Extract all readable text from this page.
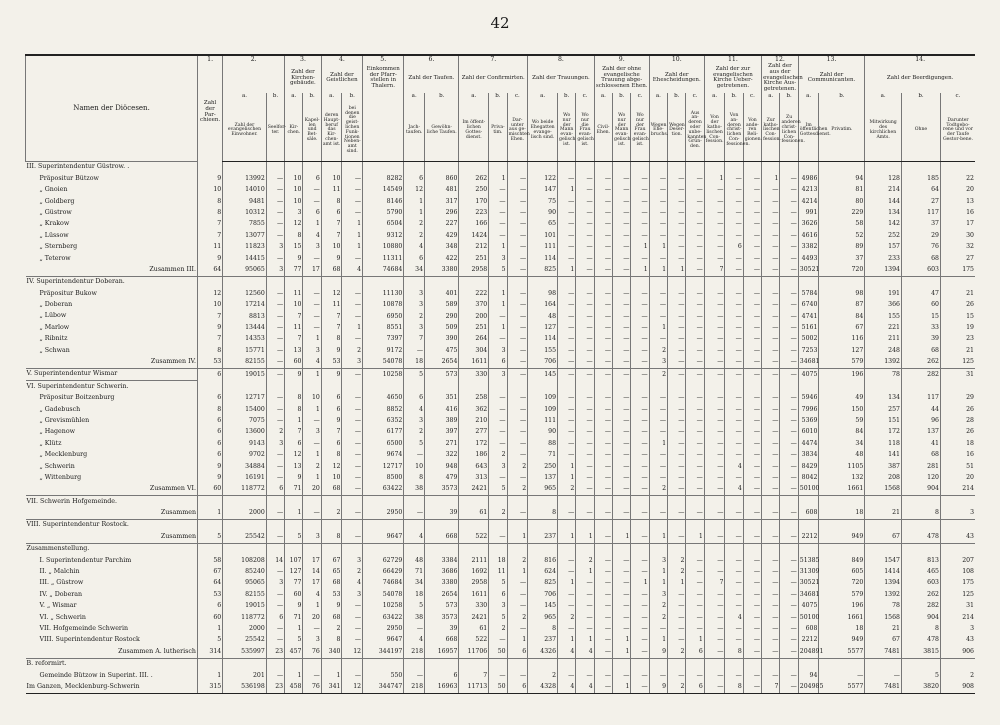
42
Namen der Diöcesen.	1.	2.		3.		4.		5.	6.		7.			8.			9.			10.			11.			12.		13.		14.		
	Zahl der Par-chieen.			Zahl der Kirchen-gebäude.		Zahl der Geistlichen		Einkommen der Pfarr-stellen in Thalern.	Zahl der Taufen.		Zahl der Confirmirten.			Zahl der Trauungen.			Zahl der ohne evangelische Trauung abge-schlossenen Ehen.			Zahl der Ehescheidungen.			Zahl der zur evangelischen Kirche Ueber-getretenen.			Zahl der aus der evangelischen Kirche Aus-getretenen.		Zahl der Communicanten.		Zahl der Beerdigungen.		
		a.	b.	a.	b.	a.	b.		a.	b.	a.	b.	c.	a.	b.	c.	a.	b.	c.	a.	b.	c.	a.	b.	c.	a.	b.	a.	b.	a.	b.	c.
		Zahl der evangelischen Einwohner.	Seelfor-ter.	Kir-chen.	Kapel-len und Bet-säle.	deren Haupt-beruf das Kir-chen-amt ist.	bei denen die geist-lichen Funk-tionen Neben-amt sind.		Jach-taufen.	Gewöhn-liche Taufen.	Im öffent-lichen Gottes-dienst.	Priva-tim.	Dar-unter aus ge-mischten Ehen.	Wo beide Ehegatten evange-lisch sind.	Wo nur der Mann evan-gelisch ist.	Wo nur die Frau evan-gelisch ist.	Civil-Ehen.	Wo nur der Mann evan-gelisch ist.	Wo nur der Frau evan-gelisch ist.	Wegen Ehe-bruchs.	Wegen Deser-tion.	Aus an-deren oder unbe-kannten Grün-den.	Von der katho-lischen Con-fession.	Von an-deren christ-lichen Con-fessionen.	Von ande-ren Reli-gionen.	Zur katho-lischen Con-fession.	Zu anderen christ-lichen Con-fessionen.	Im öffentlichen Gottesdienst.	Privatim.	Mitwirkung des kirchlichen Amts.	Ohne	Darunter Todtgebo-rene und vor der Taufe Gestor-bene.
III. Superintendentur Güstrow. .																																
Präpositur Bützow	9	13992	—	10	6	10	—	8282	6	860	262	1	—	122	—	—	—	—	—	—	—	—	1	—	—	1	—	4986	94	128	185	22
„ Gnoien	10	14010	—	10	—	11	—	14549	12	481	250	—	—	147	1	—	—	—	—	—	—	—	—	—	—	—	—	4213	81	214	64	20
„ Goldberg	8	9481	—	10	—	8	—	8146	1	317	170	—	—	75	—	—	—	—	—	—	—	—	—	—	—	—	—	4214	80	144	27	13
„ Güstrow	8	10312	—	3	6	6	—	5790	1	296	223	—	—	90	—	—	—	—	—	—	—	—	—	—	—	—	—	991	229	134	117	16
„ Krakow	7	7855	—	12	1	7	1	6504	2	227	166	—	—	65	—	—	—	—	—	—	—	—	—	—	—	—	—	3626	58	142	37	17
„ Lüssow	7	13077	—	8	4	7	1	9312	2	429	1424	—	—	101	—	—	—	—	—	—	—	—	—	—	—	—	—	4616	52	252	29	30
„ Sternberg	11	11823	3	15	3	10	1	10880	4	348	212	1	—	111	—	—	—	—	1	1	—	—	—	6	—	—	—	3382	89	157	76	32
„ Teterow	9	14415	—	9	—	9	—	11311	6	422	251	3	—	114	—	—	—	—	—	—	—	—	—	—	—	—	—	4493	37	233	68	27
Zusammen III.	64	95065	3	77	17	68	4	74684	34	3380	2958	5	—	825	1	—	—	—	1	1	1	—	7	—	—	—	—	30521	720	1394	603	175
IV. Superintendentur Doberan.																																
Präpositur Bukow	12	12560	—	11	—	12	—	11130	3	401	222	1	—	98	—	—	—	—	—	—	—	—	—	—	—	—	—	5784	98	191	47	21
„ Doberan	10	17214	—	10	—	11	—	10878	3	589	370	1	—	164	—	—	—	—	—	—	—	—	—	—	—	—	—	6740	87	366	60	26
„ Lübow	7	8813	—	7	—	7	—	6950	2	290	200	—	—	48	—	—	—	—	—	—	—	—	—	—	—	—	—	4741	84	155	15	15
„ Marlow	9	13444	—	11	—	7	1	8551	3	509	251	1	—	127	—	—	—	—	—	1	—	—	—	—	—	—	—	5161	67	221	33	19
„ Ribnitz	7	14353	—	7	1	8	—	7397	7	390	264	—	—	114	—	—	—	—	—	—	—	—	—	—	—	—	—	5002	116	211	39	23
„ Schwan	8	15771	—	13	3	9	2	9172	—	475	304	3	—	155	—	—	—	—	—	2	—	—	—	—	—	—	—	7253	127	248	68	21
Zusammen IV.	53	82155	—	60	4	53	3	54078	18	2654	1611	6	—	706	—	—	—	—	—	3	—	—	—	—	—	—	—	34681	579	1392	262	125
V. Superintendentur Wismar	6	19015	—	9	1	9	—	10258	5	573	330	3	—	145	—	—	—	—	—	2	—	—	—	—	—	—	—	4075	196	78	282	31
VI. Superintendentur Schwerin.																																
Präpositur Boitzenburg	6	12717	—	8	10	6	—	4650	6	351	258	—	—	109	—	—	—	—	—	—	—	—	—	—	—	—	—	5946	49	134	117	29
„ Gadebusch	8	15400	—	8	1	6	—	8852	4	416	362	—	—	109	—	—	—	—	—	—	—	—	—	—	—	—	—	7996	150	257	44	26
„ Grevismühlen	6	7075	—	1	—	9	—	6352	3	389	210	—	—	111	—	—	—	—	—	—	—	—	—	—	—	—	—	5369	59	151	96	28
„ Hagenow	6	13600	2	7	3	7	—	6177	2	397	277	—	—	90	—	—	—	—	—	—	—	—	—	—	—	—	—	6010	84	172	137	26
„ Klütz	6	9143	3	6	—	6	—	6500	5	271	172	—	—	88	—	—	—	—	—	1	—	—	—	—	—	—	—	4474	34	118	41	18
„ Mecklenburg	6	9702	—	12	1	8	—	9674	—	322	186	2	—	71	—	—	—	—	—	—	—	—	—	—	—	—	—	3834	48	141	68	16
„ Schwerin	9	34884	—	13	2	12	—	12717	10	948	643	3	2	250	1	—	—	—	—	—	—	—	—	4	—	—	—	8429	1105	387	281	51
„ Wittenburg	9	16191	—	9	1	10	—	8500	8	479	313	—	—	137	1	—	—	—	—	—	—	—	—	—	—	—	—	8042	132	208	120	20
Zusammen VI.	60	118772	6	71	20	68	—	63422	38	3573	2421	5	2	965	2	—	—	—	—	2	—	—	—	4	—	—	—	50100	1661	1568	904	214
VII. Schwerin Hofgemeinde.																																
Zusammen	1	2000	—	1	—	2	—	2950	—	39	61	2	—	8	—	—	—	—	—	—	—	—	—	—	—	—	—	608	18	21	8	3
VIII. Superintendentur Rostock.																																
Zusammen	5	25542	—	5	3	8	—	9647	4	668	522	—	1	237	1	1	—	1	—	1	—	1	—	—	—	—	—	2212	949	67	478	43
Zusammenstellung.																																
I. Superintendentur Parchim	58	108208	14	107	17	67	3	62729	48	3384	2111	18	2	816	—	2	—	—	—	3	2	—	—	—	—	—	—	51385	849	1547	813	207
II. „ Malchin	67	85240	—	127	14	65	2	66429	71	3686	1692	11	1	624	—	1	—	—	—	1	2	—	—	—	—	—	—	31309	605	1414	465	108
III. „ Güstrow	64	95065	3	77	17	68	4	74684	34	3380	2958	5	—	825	1	—	—	—	1	1	1	—	7	—	—	—	—	30521	720	1394	603	175
IV. „ Doberan	53	82155	—	60	4	53	3	54078	18	2654	1611	6	—	706	—	—	—	—	—	3	—	—	—	—	—	—	—	34681	579	1392	262	125
V. „ Wismar	6	19015	—	9	1	9	—	10258	5	573	330	3	—	145	—	—	—	—	—	2	—	—	—	—	—	—	—	4075	196	78	282	31
VI. „ Schwerin	60	118772	6	71	20	68	—	63422	38	3573	2421	5	2	965	2	—	—	—	—	2	—	—	—	4	—	—	—	50100	1661	1568	904	214
VII. Hofgemeinde Schwerin	1	2000	—	1	—	2	—	2950	—	39	61	2	—	8	—	—	—	—	—	—	—	—	—	—	—	—	—	608	18	21	8	3
VIII. Superintendentur Rostock	5	25542	—	5	3	8	—	9647	4	668	522	—	1	237	1	1	—	1	—	1	—	1	—	—	—	—	—	2212	949	67	478	43
Zusammen A. lutherisch	314	535997	23	457	76	340	12	344197	218	16957	11706	50	6	4326	4	4	—	1	—	9	2	6	—	8	—	—	—	204891	5577	7481	3815	906
B. reformirt.																																
Gemeinde Bützow in Superint. III. .	1	201	—	1	—	1	—	550	—	6	7	—	—	2	—	—	—	—	—	—	—	—	—	—	—	—	—	94	—	—	5	2
Im Ganzen, Mecklenburg-Schwerin	315	536198	23	458	76	341	12	344747	218	16963	11713	50	6	4328	4	4	—	1	—	9	2	6	—	8	—	7	—	204985	5577	7481	3820	908
